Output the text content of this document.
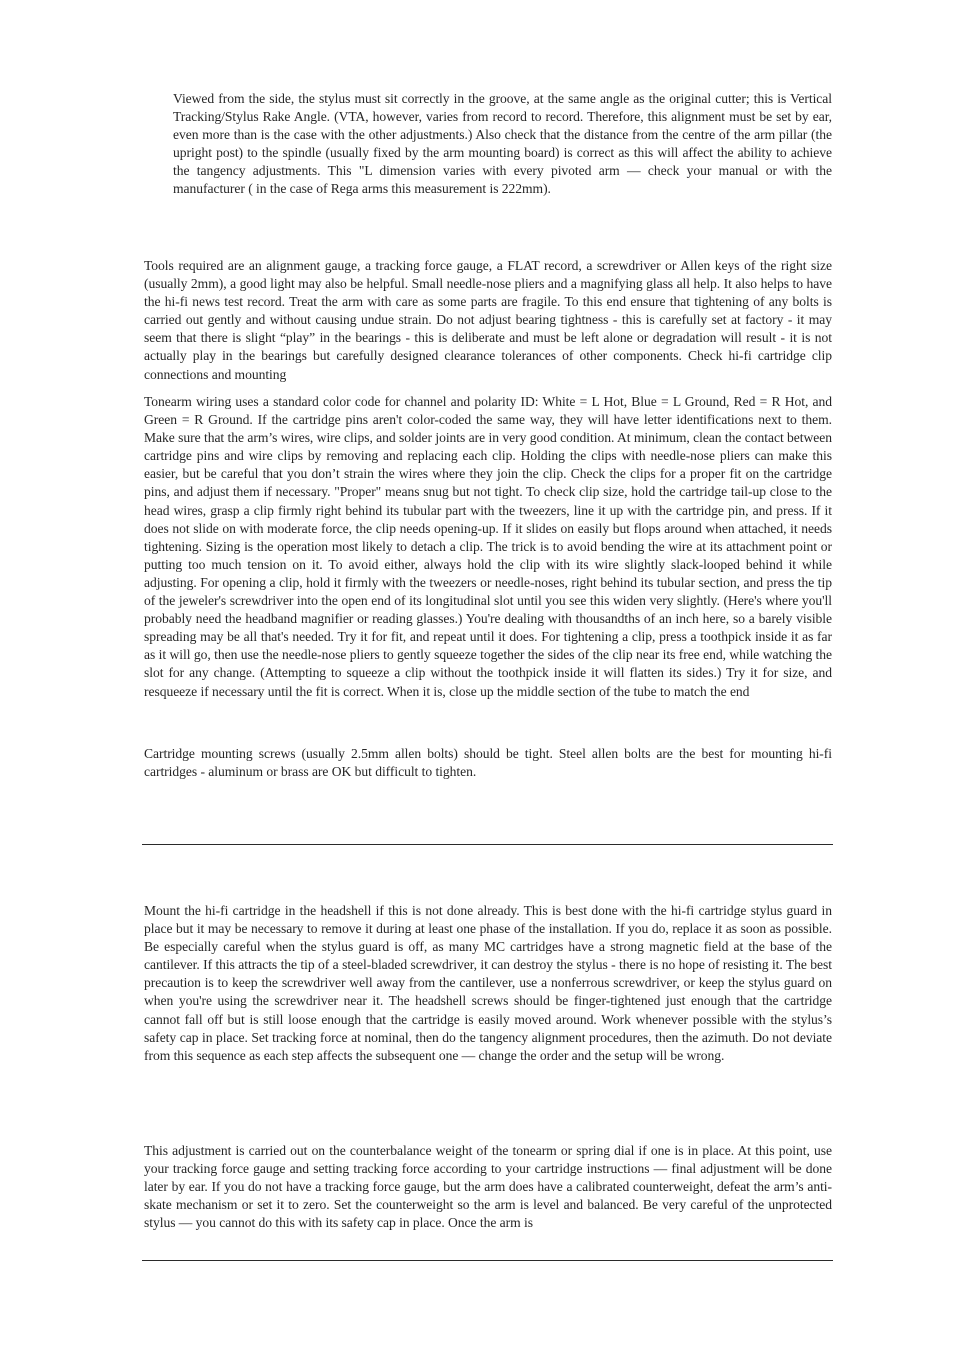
Viewed from the side, the stylus must sit correctly in the groove, at the same angle as the original cutter; this is Vertical Tracking/Stylus Rake Angle. (VTA, however, varies from record to record. Therefore, this alignment must be set by ear, even more than is the case with the other adjustments.) Also check that the distance from the centre of the arm pillar (the upright post) to the spindle (usually fixed by the arm mounting board) is correct as this will affect the ability to achieve the tangency adjustments. This "L dimension varies with every pivoted arm — check your manual or with the manufacturer ( in the case of Rega arms this measurement is 222mm).

Tools required are an alignment gauge, a tracking force gauge, a FLAT record, a screwdriver or Allen keys of the right size (usually 2mm), a good light may also be helpful. Small needle-nose pliers and a magnifying glass all help. It also helps to have the hi-fi news test record. Treat the arm with care as some parts are fragile. To this end ensure that tightening of any bolts is carried out gently and without causing undue strain. Do not adjust bearing tightness - this is carefully set at factory - it may seem that there is slight “play” in the bearings - this is deliberate and must be left alone or degradation will result - it is not actually play in the bearings but carefully designed clearance tolerances of other components. Check hi-fi cartridge clip connections and mounting

Tonearm wiring uses a standard color code for channel and polarity ID: White = L Hot, Blue = L Ground, Red = R Hot, and Green = R Ground. If the cartridge pins aren't color-coded the same way, they will have letter identifications next to them. Make sure that the arm’s wires, wire clips, and solder joints are in very good condition. At minimum, clean the contact between cartridge pins and wire clips by removing and replacing each clip. Holding the clips with needle-nose pliers can make this easier, but be careful that you don’t strain the wires where they join the clip. Check the clips for a proper fit on the cartridge pins, and adjust them if necessary. "Proper" means snug but not tight. To check clip size, hold the cartridge tail-up close to the head wires, grasp a clip firmly right behind its tubular part with the tweezers, line it up with the cartridge pin, and press. If it does not slide on with moderate force, the clip needs opening-up. If it slides on easily but flops around when attached, it needs tightening. Sizing is the operation most likely to detach a clip. The trick is to avoid bending the wire at its attachment point or putting too much tension on it. To avoid either, always hold the clip with its wire slightly slack-looped behind it while adjusting. For opening a clip, hold it firmly with the tweezers or needle-noses, right behind its tubular section, and press the tip of the jeweler's screwdriver into the open end of its longitudinal slot until you see this widen very slightly. (Here's where you'll probably need the headband magnifier or reading glasses.) You're dealing with thousandths of an inch here, so a barely visible spreading may be all that's needed. Try it for fit, and repeat until it does. For tightening a clip, press a toothpick inside it as far as it will go, then use the needle-nose pliers to gently squeeze together the sides of the clip near its free end, while watching the slot for any change. (Attempting to squeeze a clip without the toothpick inside it will flatten its sides.) Try it for size, and resqueeze if necessary until the fit is correct. When it is, close up the middle section of the tube to match the end

Cartridge mounting screws (usually 2.5mm allen bolts) should be tight. Steel allen bolts are the best for mounting hi-fi cartridges - aluminum or brass are OK but difficult to tighten.

Mount the hi-fi cartridge in the headshell if this is not done already. This is best done with the hi-fi cartridge stylus guard in place but it may be necessary to remove it during at least one phase of the installation. If you do, replace it as soon as possible. Be especially careful when the stylus guard is off, as many MC cartridges have a strong magnetic field at the base of the cantilever. If this attracts the tip of a steel-bladed screwdriver, it can destroy the stylus - there is no hope of resisting it. The best precaution is to keep the screwdriver well away from the cantilever, use a nonferrous screwdriver, or keep the stylus guard on when you're using the screwdriver near it. The headshell screws should be finger-tightened just enough that the cartridge cannot fall off but is still loose enough that the cartridge is easily moved around. Work whenever possible with the stylus’s safety cap in place. Set tracking force at nominal, then do the tangency alignment procedures, then the azimuth. Do not deviate from this sequence as each step affects the subsequent one — change the order and the setup will be wrong.

This adjustment is carried out on the counterbalance weight of the tonearm or spring dial if one is in place. At this point, use your tracking force gauge and setting tracking force according to your cartridge instructions — final adjustment will be done later by ear. If you do not have a tracking force gauge, but the arm does have a calibrated counterweight, defeat the arm’s anti-skate mechanism or set it to zero. Set the counterweight so the arm is level and balanced. Be very careful of the unprotected stylus — you cannot do this with its safety cap in place. Once the arm is
